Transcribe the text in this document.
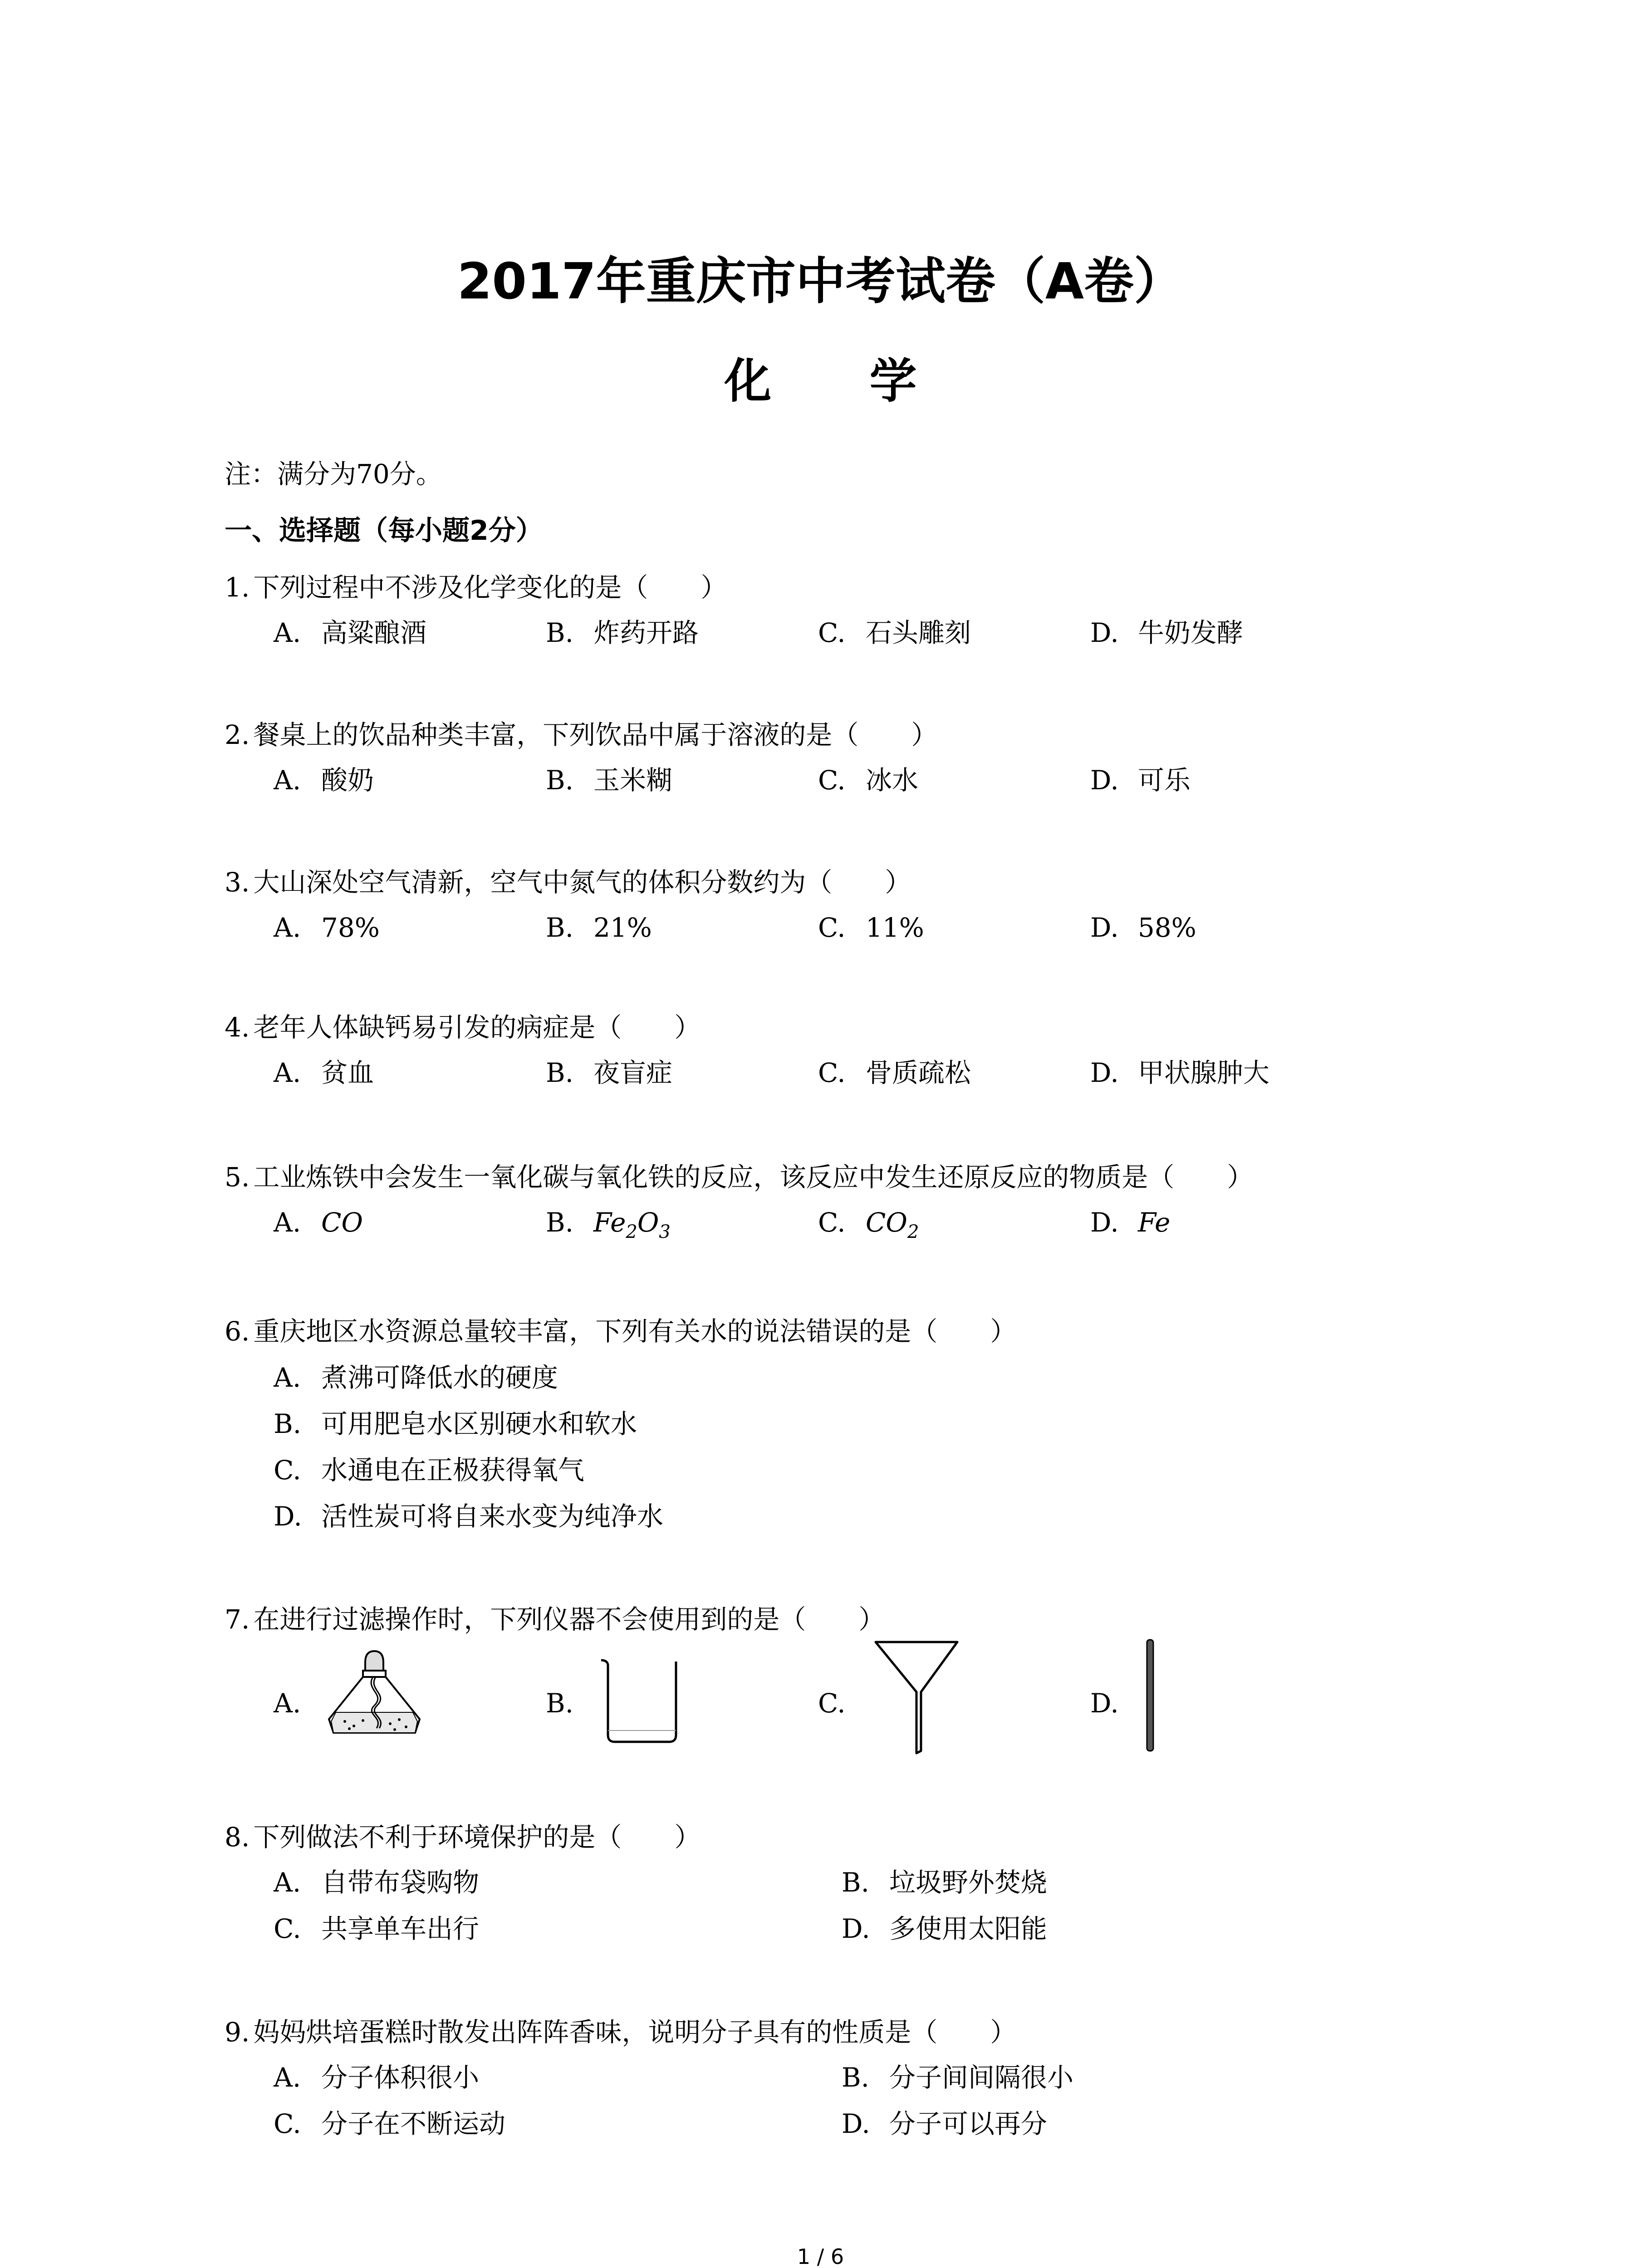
2017年重庆市中考试卷（A卷）
化 学
注：满分为70分。
一、选择题（每小题2分）
1. 下列过程中不涉及化学变化的是（　　）
A. 高粱酿酒	B. 炸药开路	C. 石头雕刻	D. 牛奶发酵
2. 餐桌上的饮品种类丰富，下列饮品中属于溶液的是（　　）
A. 酸奶	B. 玉米糊	C. 冰水	D. 可乐
3. 大山深处空气清新，空气中氮气的体积分数约为（　　）
A. 78%	B. 21%	C. 11%	D. 58%
4. 老年人体缺钙易引发的病症是（　　）
A. 贫血	B. 夜盲症	C. 骨质疏松	D. 甲状腺肿大
5. 工业炼铁中会发生一氧化碳与氧化铁的反应，该反应中发生还原反应的物质是（　　）
A. CO	B. $Fe_2O_3$	C. $CO_2$	D. Fe
6. 重庆地区水资源总量较丰富，下列有关水的说法错误的是（　　）
A. 煮沸可降低水的硬度
B. 可用肥皂水区别硬水和软水
C. 水通电在正极获得氧气
D. 活性炭可将自来水变为纯净水
7. 在进行过滤操作时，下列仪器不会使用到的是（　　）
A.	B.	C.	D.
8. 下列做法不利于环境保护的是（　　）
A. 自带布袋购物	B. 垃圾野外焚烧
C. 共享单车出行	D. 多使用太阳能
9. 妈妈烘培蛋糕时散发出阵阵香味，说明分子具有的性质是（　　）
A. 分子体积很小	B. 分子间间隔很小
C. 分子在不断运动	D. 分子可以再分
1 / 6
